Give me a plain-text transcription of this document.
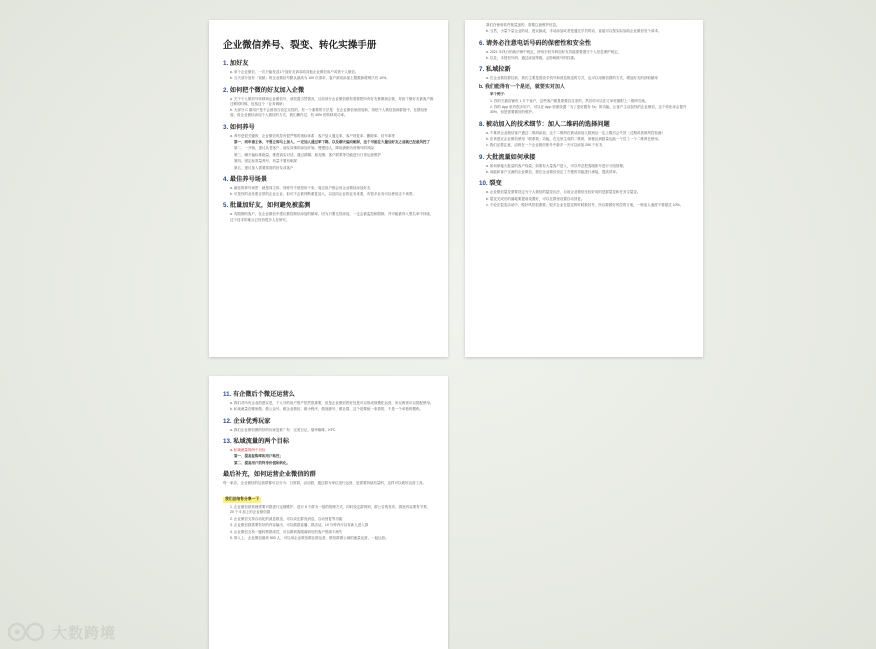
企业微信养号、裂变、转化实操手册
1. 加好友
a. 单个企业微信，一次只能发送1个加好友请求给其他企业微信用户或者个人微信。
b. 当天部分加有「视频」的企业微信号默认最高为 100 次请求，客户被动添加上限数新增则只有 10%。
2. 如何把个微的好友加入企微
a. 关于个人微信号转移到企业微信号，请放置当然情况，目前部分企业微信都有需要把所有好友都做到企微，导致个微好友被客户都迁移的时候，包括这个「业务调研」
b. 大部分 C 端用户是不会被再当设定实控的，有一个重要的方法是：在企业微信里面加新，再把个人微信加到群组中，在群组里面，将企业微信添加个人微信的方式，我们操作过，有 40% 的转移成功率。
3. 如何养号
a. 养号是很关键的，企业微信风控有很严格的指标体系：客户加入通过率、客户回复率、删除率、封号率等
第一、同申请主体，不要立即马上加人，一定加入通过率下降，以及聊天偏向刷屏，这个可能在大量加好友之前就已经被风控了
第二、一开始，建议从老客户、朋友同事的添加开始，慢慢加人，降低被刷为营销号的风险
第三、聊天偏标准稳量，维度真实对话，通过群聊、朋友圈、客户联系等功能进行日常运营维护
第四、固定标准量养号、有量不要有刷屏
第五、建议加入需要常用的好友或客户
4. 最佳养号场景
a. 最佳的养号场景：就是同主体、同账号不被投诉下来，周边用户都会用企业微信添加好友
b. 可是你的业务需正常的企业企业，但可不会被判断重复加人，以及同企业的业务来看，有很多业务可以使用这个场景。
5. 批量加好友，如何避免被监测
a. 有限制的客户，在企业微信中建议都控制好添加的频率，因为只要无效添加，一定会被监控和限制，并可能被列入黑名单中持续，这个技术的难点已经有很多人在研究。
我们在使用软件批量加的，需要注意维护信息。
b. 当然，小量个量企业的话，建议换成，手动添加或者是通过学员的话，直接可以按实际加给企业微信发个请求。
6. 请务必注意电话号码的保密性和安全性
a. 2021 年执行的新法律中规定，使用手机号码加好友功能需要遵守个人信息保护规定。
b. 以及，未授权号码，通过添加等级，会影响账号的权重。
7. 私域拉新
a. 在企业微信群拉新，我们主要是建设手机号和消息推送的方式，也可以用微信群的方式，增加好友的获取频率
b. 我们能得有一个是还，就要实对加人
举个例子：
1. 你的天猫店铺有 1 万个客户，这些客户都是需要拉过来的，然后你可以在订单里面附上二维码引流。
2. 你的 App 里有很多用户，可以在 App 里面设置「为了更好服务 Ta」的功能，让客户主动加你的企业微信，这个转化率会提升 30%，但是需要做好的维护。
8. 被动加入的技术细节：加人二维码的选择问题
a. 不推荐企业微信客户通过二维码添加，这个二维码在被动添加人数到达一定上限后会失效（过期或者被风控检测）
b. 应该建议企业微信使用「联系我」功能，在这里生成的二维码，即便达到数量也能一个员工一个二维码在使用。
c. 我们还要注意，活码在一个企业微信账号中最多一天可以添加 250 个好友
9. 大批流量如何承接
a. 如何承接大批量的客户线索，如果有大量客户进入，可以考虑把客服账号进行分组管理。
b. 用能和客户交流的企业微信，我们企业微信设定了方便的功能进行承接，提高效率。
10. 裂变
a. 企业微信裂变需要设定为个人微信的裂变玩法，目前企业微信比较好用的是群裂变和任务宝裂变。
b. 裂变完成后的落地要提前设置好，可以在群里设置自动回复。
c. 不论在裂变活动中，做好风控很重要，很多企业在裂变的时候被封号，所以要做好风控的方案，一般加人速度不要超过 10%。
11. 有企微后个微还运营么
a. 我们对所有企业的建议是，个人号的用户资产依然很重要，但是企业微信的好处是可以形成规模化运营，所以两者可以搭配使用。
b. 私域流量在哪里做，做公众号、做企业微信、做小程序、做视频号、做社群，这个是要统一来看的，不是一个单独的模块。
12. 企业优秀玩家
a. 我们企业微信做的好的玩家是谁？有：完美日记、瑞幸咖啡、KFC
13. 私域流量的两个目标
a. 私域流量的两个目标
第一、提高复购率和用户粘性；
第二、提高用户的终身价值和转化。
最后补充，如何运营企业微信的群
每一家店、企业微信的运营群都可以分为：日常群、活动群，通过群为单位进行运营，是需要持续有量的，这样可以做好运营工具。
我们总结有分享一下
1. 企业微信群管理需要对群进行定期维护，进行 5 个群为一组的管理方式，同时设定群规则、群公告的发布，群里内容要有节奏，20 个 5 加上的企业微信群
2. 企业微信支持自动化的消息推送，可以设定群发消息、自动回复等功能
3. 企业微信群需要有好的内容输出，可以做群直播、群活动，10 分钟内可以有新人进入群
4. 企业微信支持一键转移群成员，可以做到客服离职后的客户资源不流失
5. 准入上，企业微信最高 500 人，可以用企业微信做社群运营，微信群做公域的流量运营，一起运营。
大数跨境
